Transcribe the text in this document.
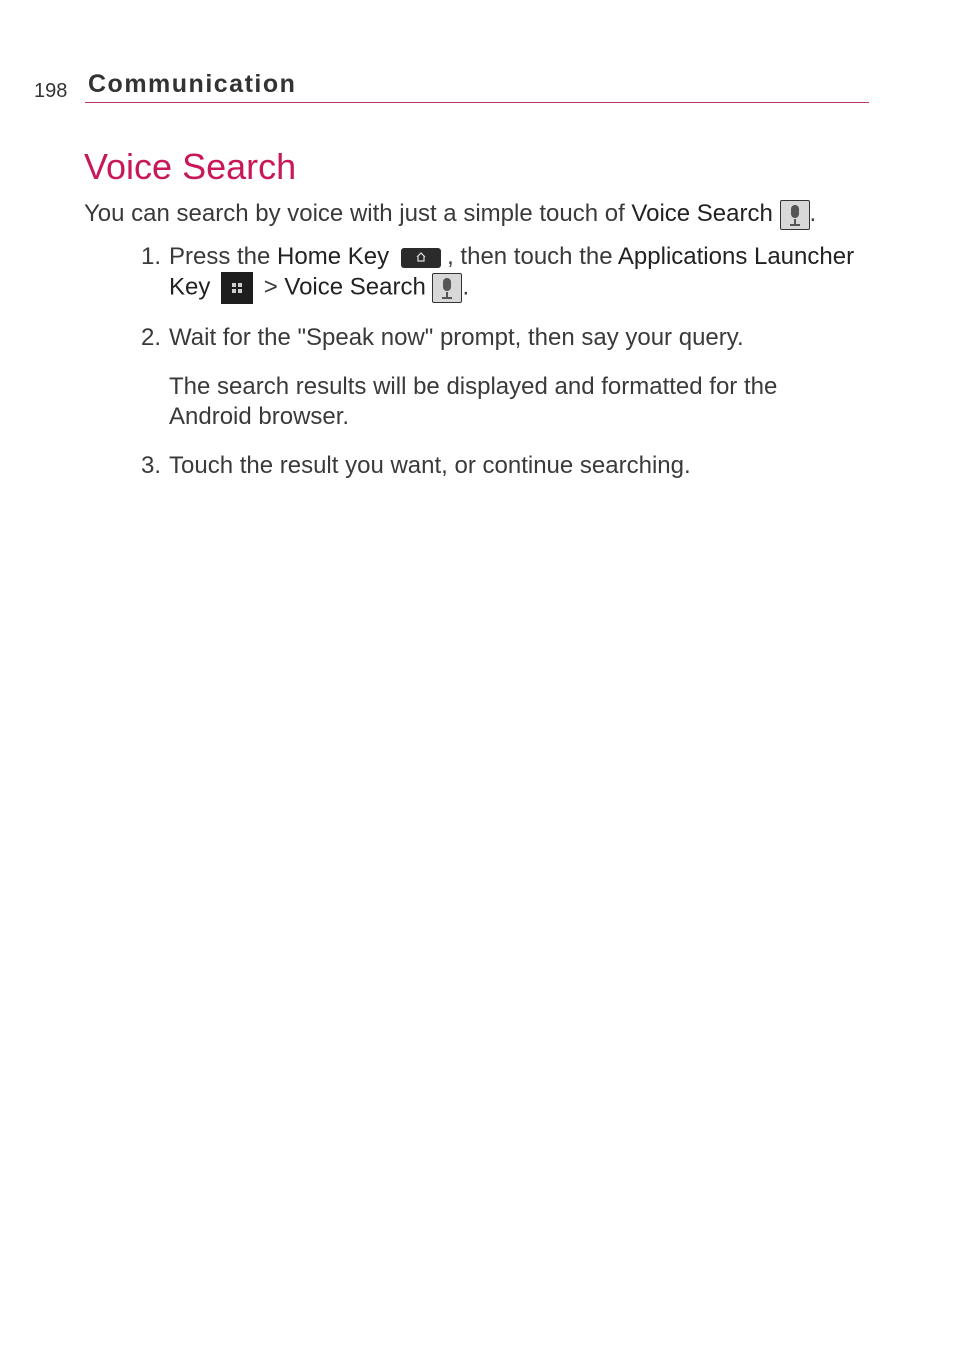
198 Communication
Voice Search
You can search by voice with just a simple touch of Voice Search .
1. Press the Home Key , then touch the Applications Launcher Key
> Voice Search .
2. Wait for the "Speak now" prompt, then say your query.
The search results will be displayed and formatted for the Android browser.
3. Touch the result you want, or continue searching.
